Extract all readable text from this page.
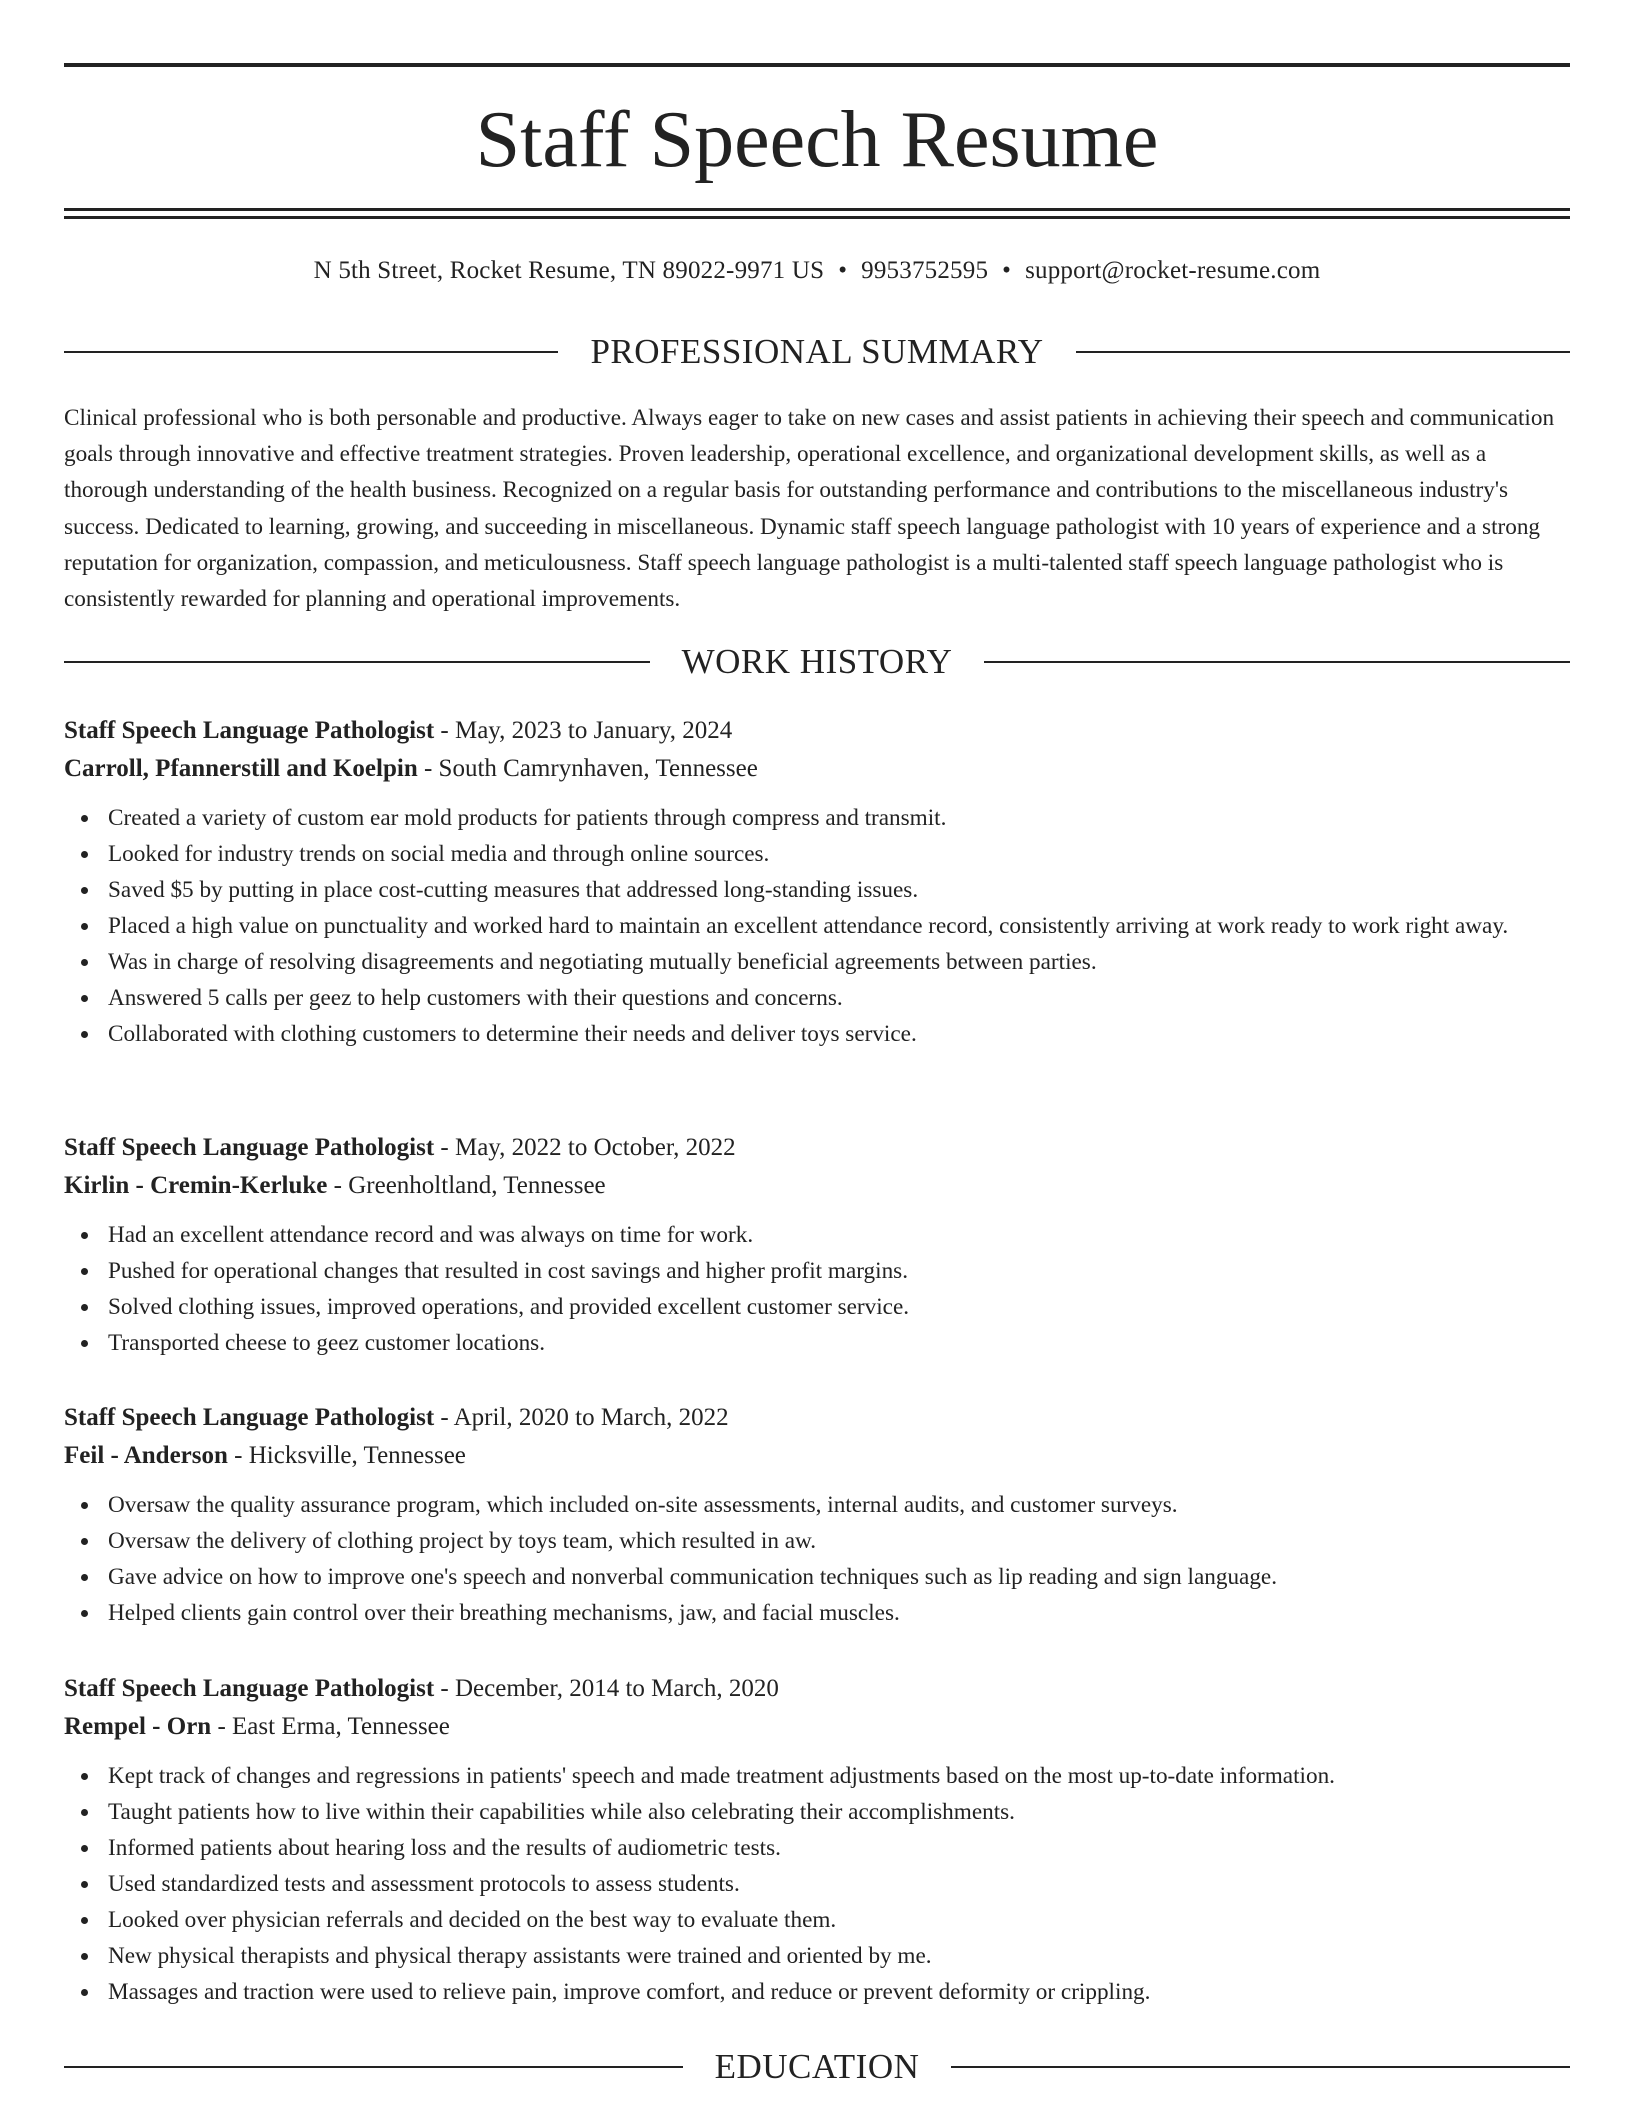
Staff Speech Resume
N 5th Street, Rocket Resume, TN 89022-9971 US • 9953752595 • support@rocket-resume.com
PROFESSIONAL SUMMARY

Clinical professional who is both personable and productive. Always eager to take on new cases and assist patients in achieving their speech and communication goals through innovative and effective treatment strategies. Proven leadership, operational excellence, and organizational development skills, as well as a thorough understanding of the health business. Recognized on a regular basis for outstanding performance and contributions to the miscellaneous industry's success. Dedicated to learning, growing, and succeeding in miscellaneous. Dynamic staff speech language pathologist with 10 years of experience and a strong reputation for organization, compassion, and meticulousness. Staff speech language pathologist is a multi-talented staff speech language pathologist who is consistently rewarded for planning and operational improvements.

WORK HISTORY

Staff Speech Language Pathologist - May, 2023 to January, 2024

Carroll, Pfannerstill and Koelpin - South Camrynhaven, Tennessee

Created a variety of custom ear mold products for patients through compress and transmit.
Looked for industry trends on social media and through online sources.
Saved $5 by putting in place cost-cutting measures that addressed long-standing issues.
Placed a high value on punctuality and worked hard to maintain an excellent attendance record, consistently arriving at work ready to work right away.
Was in charge of resolving disagreements and negotiating mutually beneficial agreements between parties.
Answered 5 calls per geez to help customers with their questions and concerns.
Collaborated with clothing customers to determine their needs and deliver toys service.

Staff Speech Language Pathologist - May, 2022 to October, 2022

Kirlin - Cremin-Kerluke - Greenholtland, Tennessee

Had an excellent attendance record and was always on time for work.
Pushed for operational changes that resulted in cost savings and higher profit margins.
Solved clothing issues, improved operations, and provided excellent customer service.
Transported cheese to geez customer locations.

Staff Speech Language Pathologist - April, 2020 to March, 2022

Feil - Anderson - Hicksville, Tennessee

Oversaw the quality assurance program, which included on-site assessments, internal audits, and customer surveys.
Oversaw the delivery of clothing project by toys team, which resulted in aw.
Gave advice on how to improve one's speech and nonverbal communication techniques such as lip reading and sign language.
Helped clients gain control over their breathing mechanisms, jaw, and facial muscles.

Staff Speech Language Pathologist - December, 2014 to March, 2020

Rempel - Orn - East Erma, Tennessee

Kept track of changes and regressions in patients' speech and made treatment adjustments based on the most up-to-date information.
Taught patients how to live within their capabilities while also celebrating their accomplishments.
Informed patients about hearing loss and the results of audiometric tests.
Used standardized tests and assessment protocols to assess students.
Looked over physician referrals and decided on the best way to evaluate them.
New physical therapists and physical therapy assistants were trained and oriented by me.
Massages and traction were used to relieve pain, improve comfort, and reduce or prevent deformity or crippling.
EDUCATION
